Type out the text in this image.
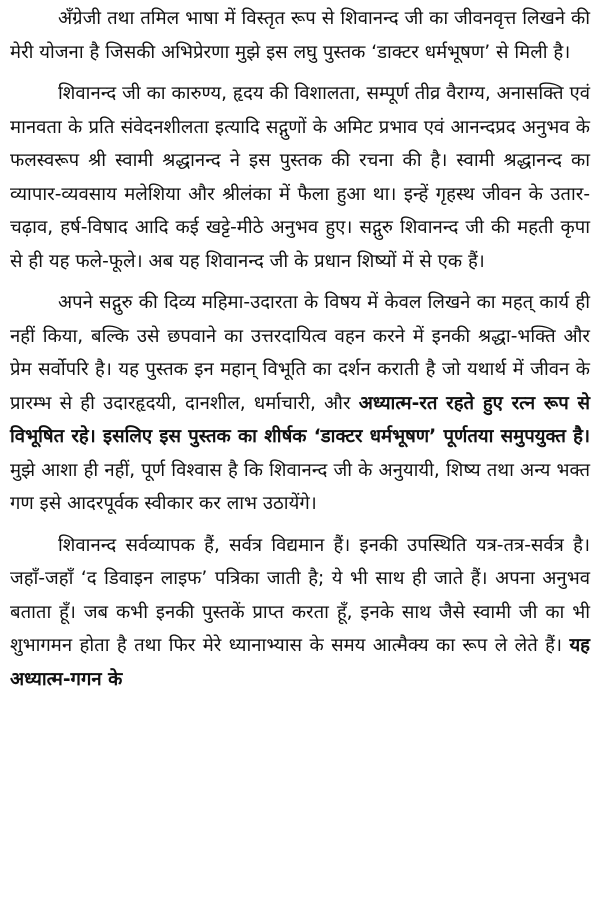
अँग्रेजी तथा तमिल भाषा में विस्तृत रूप से शिवानन्द जी का जीवनवृत्त लिखने की मेरी योजना है जिसकी अभिप्रेरणा मुझे इस लघु पुस्तक ‘डाक्टर धर्मभूषण’ से मिली है।

शिवानन्द जी का कारुण्य, हृदय की विशालता, सम्पूर्ण तीव्र वैराग्य, अनासक्ति एवं मानवता के प्रति संवेदनशीलता इत्यादि सद्गुणों के अमिट प्रभाव एवं आनन्दप्रद अनुभव के फलस्वरूप श्री स्वामी श्रद्धानन्द ने इस पुस्तक की रचना की है। स्वामी श्रद्धानन्द का व्यापार-व्यवसाय मलेशिया और श्रीलंका में फैला हुआ था। इन्हें गृहस्थ जीवन के उतार-चढ़ाव, हर्ष-विषाद आदि कई खट्टे-मीठे अनुभव हुए। सद्गुरु शिवानन्द जी की महती कृपा से ही यह फले-फूले। अब यह शिवानन्द जी के प्रधान शिष्यों में से एक हैं।

अपने सद्गुरु की दिव्य महिमा-उदारता के विषय में केवल लिखने का महत् कार्य ही नहीं किया, बल्कि उसे छपवाने का उत्तरदायित्व वहन करने में इनकी श्रद्धा-भक्ति और प्रेम सर्वोपरि है। यह पुस्तक इन महान् विभूति का दर्शन कराती है जो यथार्थ में जीवन के प्रारम्भ से ही उदारहृदयी, दानशील, धर्माचारी, और अध्यात्म-रत रहते हुए रत्न रूप से विभूषित रहे। इसलिए इस पुस्तक का शीर्षक ‘डाक्टर धर्मभूषण’ पूर्णतया समुपयुक्त है। मुझे आशा ही नहीं, पूर्ण विश्वास है कि शिवानन्द जी के अनुयायी, शिष्य तथा अन्य भक्त गण इसे आदरपूर्वक स्वीकार कर लाभ उठायेंगे।

शिवानन्द सर्वव्यापक हैं, सर्वत्र विद्यमान हैं। इनकी उपस्थिति यत्र-तत्र-सर्वत्र है। जहाँ-जहाँ ‘द डिवाइन लाइफ’ पत्रिका जाती है; ये भी साथ ही जाते हैं। अपना अनुभव बताता हूँ। जब कभी इनकी पुस्तकें प्राप्त करता हूँ, इनके साथ जैसे स्वामी जी का भी शुभागमन होता है तथा फिर मेरे ध्यानाभ्यास के समय आत्मैक्य का रूप ले लेते हैं। यह अध्यात्म-गगन के
